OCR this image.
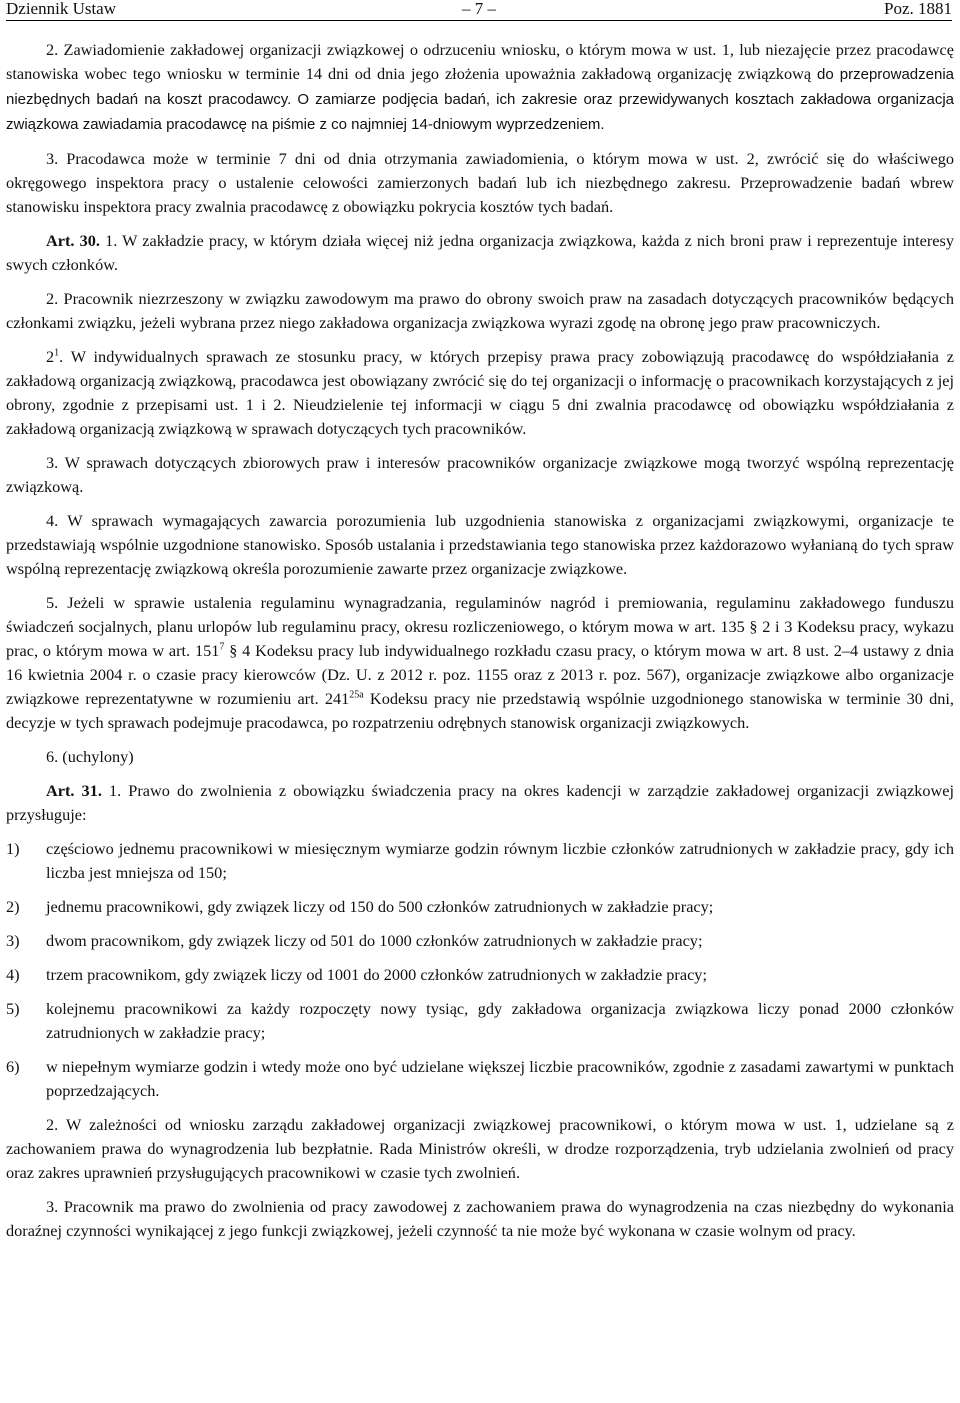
Dziennik Ustaw	– 7 –	Poz. 1881

2. Zawiadomienie zakładowej organizacji związkowej o odrzuceniu wniosku, o którym mowa w ust. 1, lub niezajęcie przez pracodawcę stanowiska wobec tego wniosku w terminie 14 dni od dnia jego złożenia upoważnia zakładową organizację związkową do przeprowadzenia niezbędnych badań na koszt pracodawcy. O zamiarze podjęcia badań, ich zakresie oraz przewidywanych kosztach zakładowa organizacja związkowa zawiadamia pracodawcę na piśmie z co najmniej 14-dniowym wyprzedzeniem.

3. Pracodawca może w terminie 7 dni od dnia otrzymania zawiadomienia, o którym mowa w ust. 2, zwrócić się do właściwego okręgowego inspektora pracy o ustalenie celowości zamierzonych badań lub ich niezbędnego zakresu. Przeprowadzenie badań wbrew stanowisku inspektora pracy zwalnia pracodawcę z obowiązku pokrycia kosztów tych badań.

Art. 30. 1. W zakładzie pracy, w którym działa więcej niż jedna organizacja związkowa, każda z nich broni praw i reprezentuje interesy swych członków.

2. Pracownik niezrzeszony w związku zawodowym ma prawo do obrony swoich praw na zasadach dotyczących pracowników będących członkami związku, jeżeli wybrana przez niego zakładowa organizacja związkowa wyrazi zgodę na obronę jego praw pracowniczych.

$2^1$. W indywidualnych sprawach ze stosunku pracy, w których przepisy prawa pracy zobowiązują pracodawcę do współdziałania z zakładową organizacją związkową, pracodawca jest obowiązany zwrócić się do tej organizacji o informację o pracownikach korzystających z jej obrony, zgodnie z przepisami ust. 1 i 2. Nieudzielenie tej informacji w ciągu 5 dni zwalnia pracodawcę od obowiązku współdziałania z zakładową organizacją związkową w sprawach dotyczących tych pracowników.

3. W sprawach dotyczących zbiorowych praw i interesów pracowników organizacje związkowe mogą tworzyć wspólną reprezentację związkową.

4. W sprawach wymagających zawarcia porozumienia lub uzgodnienia stanowiska z organizacjami związkowymi, organizacje te przedstawiają wspólnie uzgodnione stanowisko. Sposób ustalania i przedstawiania tego stanowiska przez każdorazowo wyłanianą do tych spraw wspólną reprezentację związkową określa porozumienie zawarte przez organizacje związkowe.

5. Jeżeli w sprawie ustalenia regulaminu wynagradzania, regulaminów nagród i premiowania, regulaminu zakładowego funduszu świadczeń socjalnych, planu urlopów lub regulaminu pracy, okresu rozliczeniowego, o którym mowa w art. 135 § 2 i 3 Kodeksu pracy, wykazu prac, o którym mowa w art. $151^7$ § 4 Kodeksu pracy lub indywidualnego rozkładu czasu pracy, o którym mowa w art. 8 ust. 2–4 ustawy z dnia 16 kwietnia 2004 r. o czasie pracy kierowców (Dz. U. z 2012 r. poz. 1155 oraz z 2013 r. poz. 567), organizacje związkowe albo organizacje związkowe reprezentatywne w rozumieniu art. $241^{25a}$ Kodeksu pracy nie przedstawią wspólnie uzgodnionego stanowiska w terminie 30 dni, decyzje w tych sprawach podejmuje pracodawca, po rozpatrzeniu odrębnych stanowisk organizacji związkowych.

6. (uchylony)

Art. 31. 1. Prawo do zwolnienia z obowiązku świadczenia pracy na okres kadencji w zarządzie zakładowej organizacji związkowej przysługuje:

1)	częściowo jednemu pracownikowi w miesięcznym wymiarze godzin równym liczbie członków zatrudnionych w zakładzie pracy, gdy ich liczba jest mniejsza od 150;
2)	jednemu pracownikowi, gdy związek liczy od 150 do 500 członków zatrudnionych w zakładzie pracy;
3)	dwom pracownikom, gdy związek liczy od 501 do 1000 członków zatrudnionych w zakładzie pracy;
4)	trzem pracownikom, gdy związek liczy od 1001 do 2000 członków zatrudnionych w zakładzie pracy;
5)	kolejnemu pracownikowi za każdy rozpoczęty nowy tysiąc, gdy zakładowa organizacja związkowa liczy ponad 2000 członków zatrudnionych w zakładzie pracy;
6)	w niepełnym wymiarze godzin i wtedy może ono być udzielane większej liczbie pracowników, zgodnie z zasadami zawartymi w punktach poprzedzających.

2. W zależności od wniosku zarządu zakładowej organizacji związkowej pracownikowi, o którym mowa w ust. 1, udzielane są z zachowaniem prawa do wynagrodzenia lub bezpłatnie. Rada Ministrów określi, w drodze rozporządzenia, tryb udzielania zwolnień od pracy oraz zakres uprawnień przysługujących pracownikowi w czasie tych zwolnień.

3. Pracownik ma prawo do zwolnienia od pracy zawodowej z zachowaniem prawa do wynagrodzenia na czas niezbędny do wykonania doraźnej czynności wynikającej z jego funkcji związkowej, jeżeli czynność ta nie może być wykonana w czasie wolnym od pracy.
